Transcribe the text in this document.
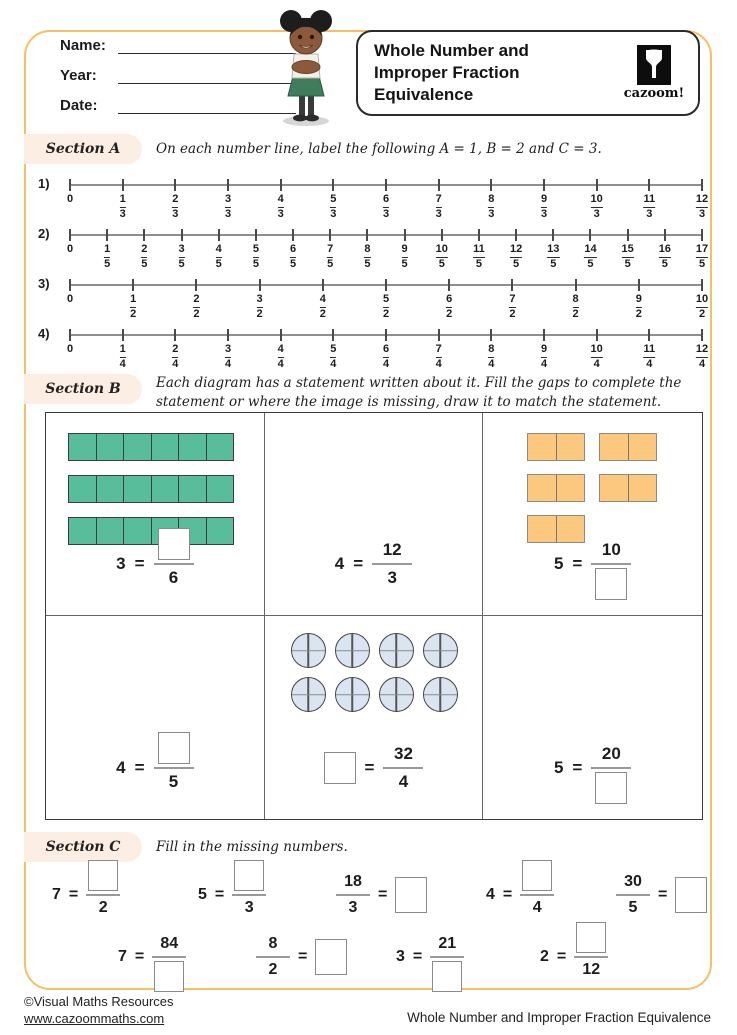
Name:
Year:
Date:
Whole Number and
Improper Fraction
Equivalence	cazoom!
Section A	On each number line, label the following A = 1, B = 2 and C = 3.
1)
0	1
3
2
3
3
3
4
3
5
3
6
3
7
3
8
3
9
3
10
3
11
3
12
3
2)
0	1
5
2
5
3
5
4
5
5
5
6
5
7
5
8
5
9
5
10
5
11
5
12
5
13
5
14
5
15
5
16
5
17
5
3)
0	1
2
2
2
3
2
4
2
5
2
6
2
7
2
8
2
9
2
10
2
4)
0	1
4
2
4
3
4
4
4
5
4
6
4
7
4
8
4
9
4
10
4
11
4
12
4
Section B	Each diagram has a statement written about it. Fill the gaps to complete the statement or where the image is missing, draw it to match the statement.
3 =
6
$4 = \frac{12}{3}$	5 =
10
4 =
5
= $\frac{32}{4}$	5 =
20
Section C	Fill in the missing numbers.
7 =
2
5 =
3	$\frac{18}{3}$ =	4 =
4	$\frac{30}{5}$ =
7 =
84	$\frac{8}{2}$ =	3 =
21
2 =
12
©Visual Maths Resources
www.cazoommaths.com	Whole Number and Improper Fraction Equivalence
